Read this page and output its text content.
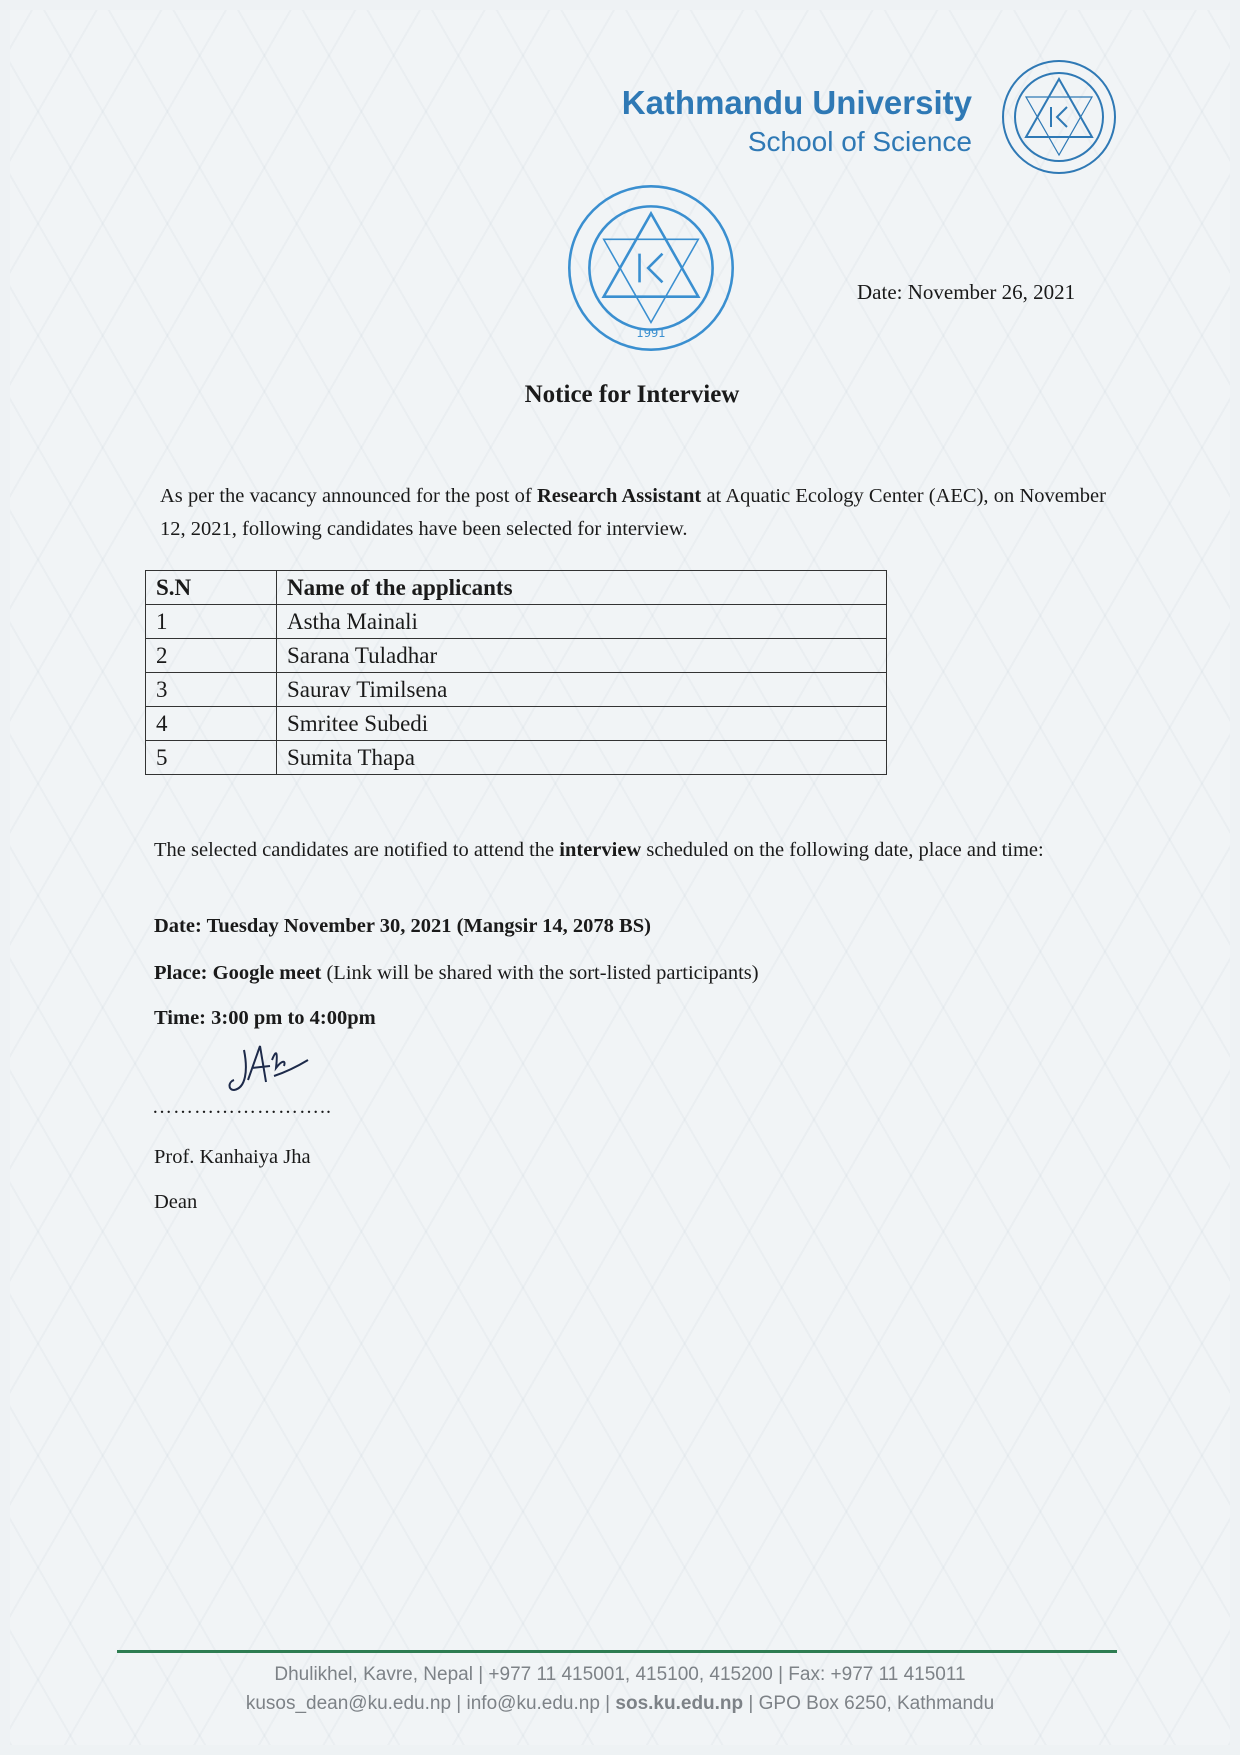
Kathmandu University
School of Science
1991
Date: November 26, 2021
Notice for Interview
As per the vacancy announced for the post of Research Assistant at Aquatic Ecology Center (AEC), on November 12, 2021, following candidates have been selected for interview.
S.N	Name of the applicants
1	Astha Mainali
2	Sarana Tuladhar
3	Saurav Timilsena
4	Smritee Subedi
5	Sumita Thapa
The selected candidates are notified to attend the interview scheduled on the following date, place and time:
Date: Tuesday November 30, 2021 (Mangsir 14, 2078 BS)
Place: Google meet (Link will be shared with the sort-listed participants)
Time: 3:00 pm to 4:00pm
……………………..
Prof. Kanhaiya Jha
Dean
Dhulikhel, Kavre, Nepal | +977 11 415001, 415100, 415200 | Fax: +977 11 415011
kusos_dean@ku.edu.np | info@ku.edu.np | sos.ku.edu.np | GPO Box 6250, Kathmandu
